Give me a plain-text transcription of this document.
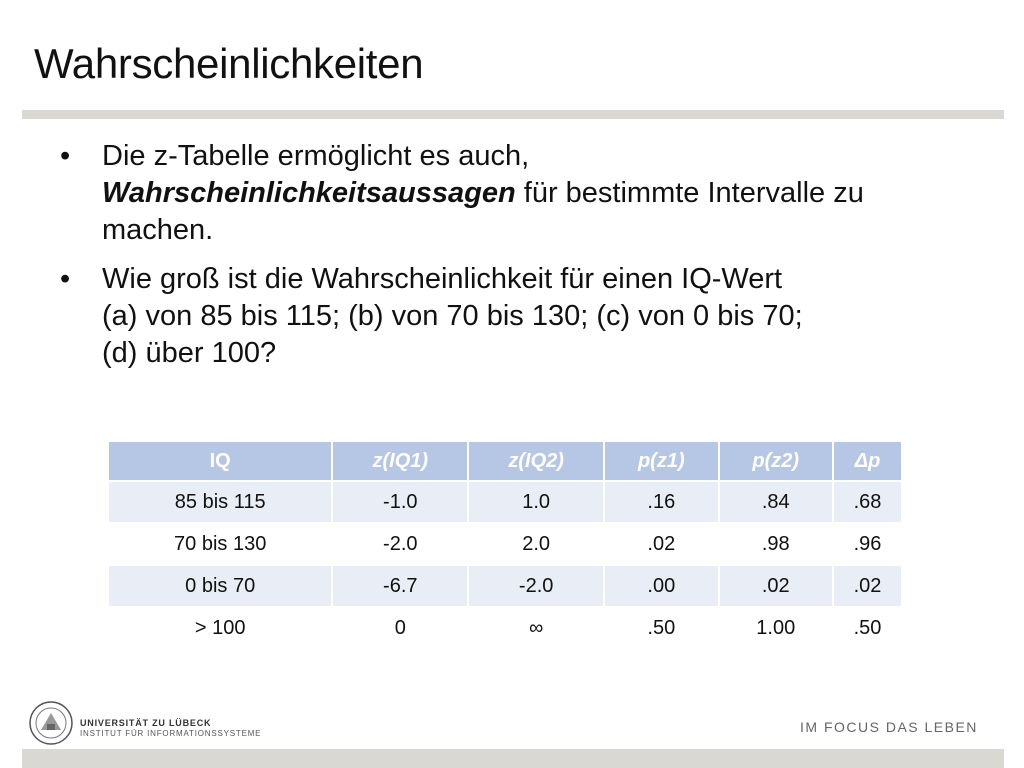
Wahrscheinlichkeiten
• Die z-Tabelle ermöglicht es auch,
Wahrscheinlichkeitsaussagen für bestimmte Intervalle zu machen.
• Wie groß ist die Wahrscheinlichkeit für einen IQ-Wert
(a) von 85 bis 115; (b) von 70 bis 130; (c) von 0 bis 70;
(d) über 100?
IQ	z(IQ1)	z(IQ2)	p(z1)	p(z2)	Δp
85 bis 115	-1.0	1.0	.16	.84	.68
70 bis 130	-2.0	2.0	.02	.98	.96
0 bis 70	-6.7	-2.0	.00	.02	.02
> 100	0	∞	.50	1.00	.50
UNIVERSITÄT ZU LÜBECK
INSTITUT FÜR INFORMATIONSSYSTEME	IM FOCUS DAS LEBEN
